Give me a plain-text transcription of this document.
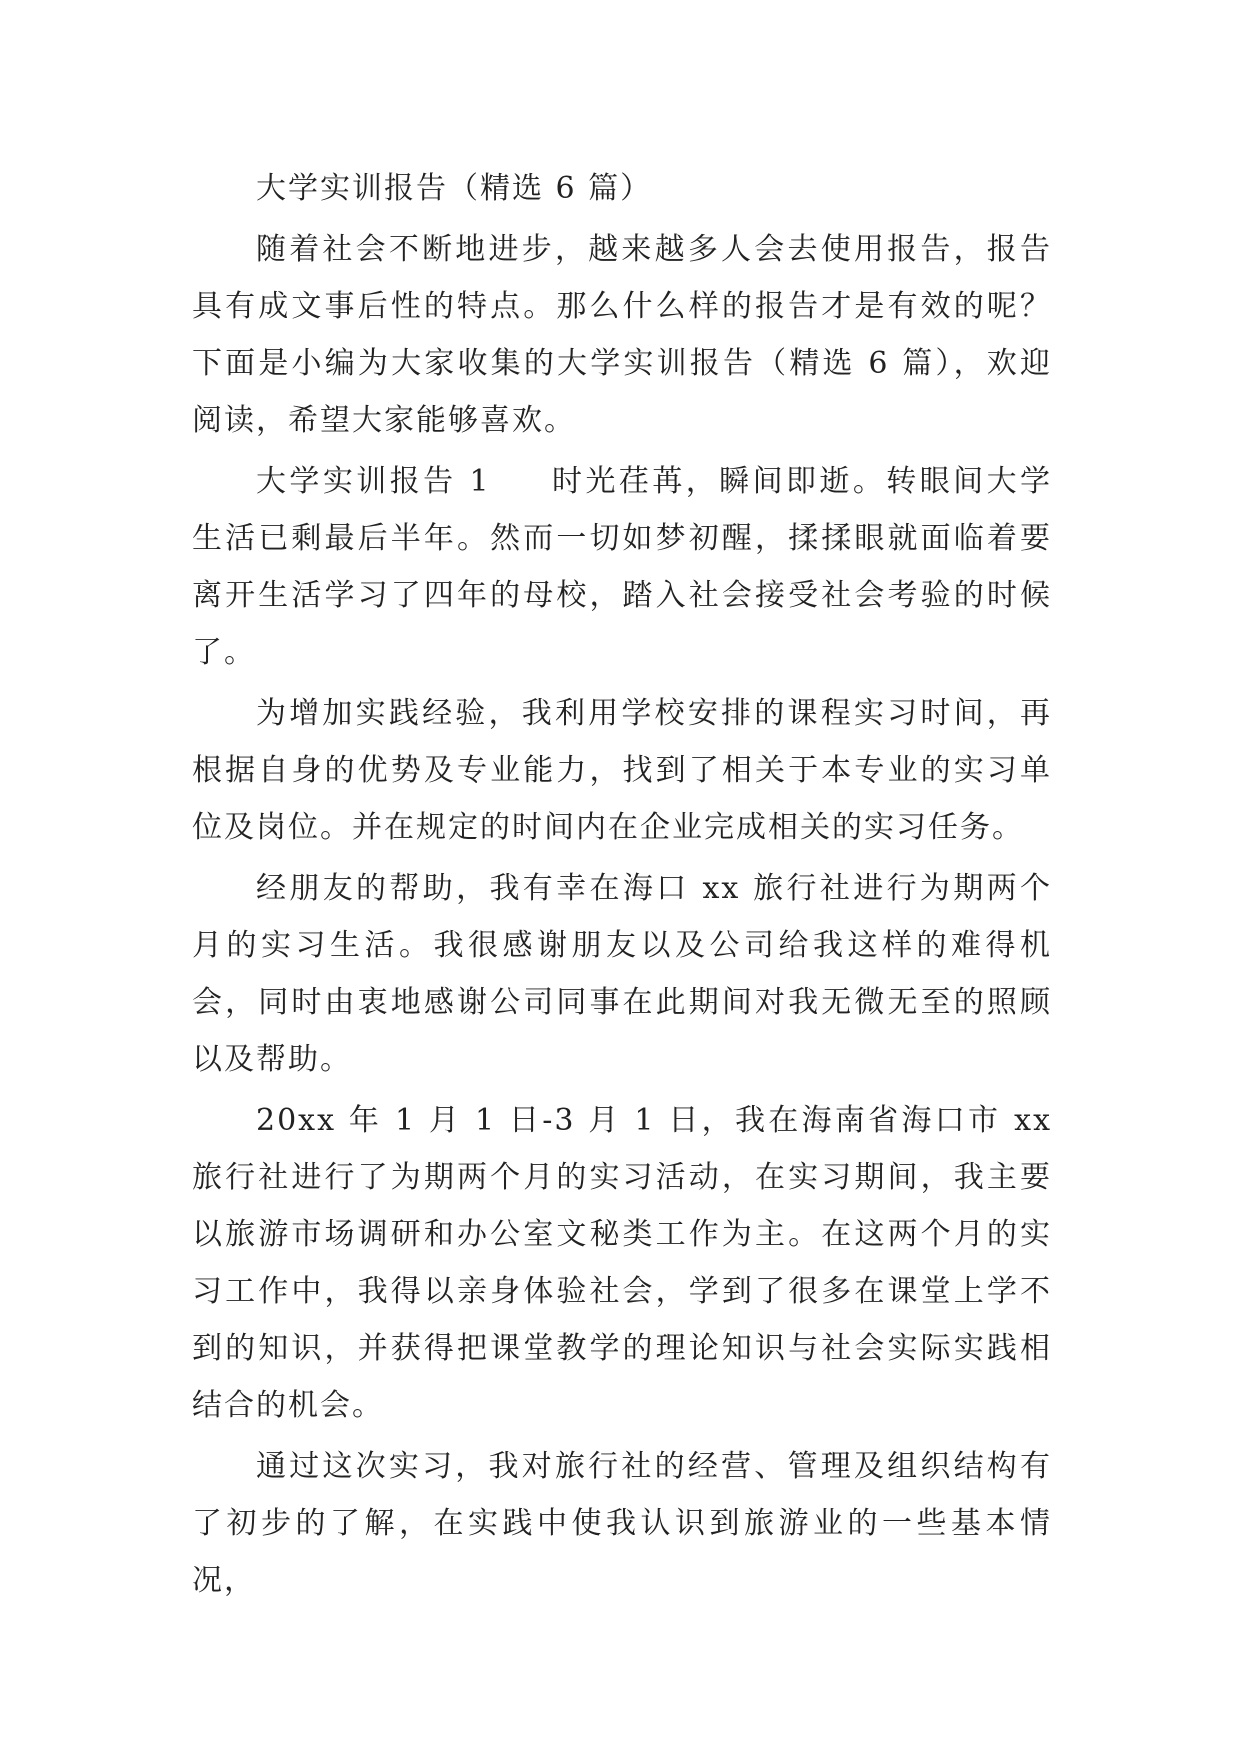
大学实训报告（精选 6 篇）

随着社会不断地进步，越来越多人会去使用报告，报告具有成文事后性的特点。那么什么样的报告才是有效的呢？下面是小编为大家收集的大学实训报告（精选 6 篇），欢迎阅读，希望大家能够喜欢。

大学实训报告 1 时光荏苒，瞬间即逝。转眼间大学生活已剩最后半年。然而一切如梦初醒，揉揉眼就面临着要离开生活学习了四年的母校，踏入社会接受社会考验的时候了。

为增加实践经验，我利用学校安排的课程实习时间，再根据自身的优势及专业能力，找到了相关于本专业的实习单位及岗位。并在规定的时间内在企业完成相关的实习任务。

经朋友的帮助，我有幸在海口 xx 旅行社进行为期两个月的实习生活。我很感谢朋友以及公司给我这样的难得机会，同时由衷地感谢公司同事在此期间对我无微无至的照顾以及帮助。

20xx 年 1 月 1 日-3 月 1 日，我在海南省海口市 xx 旅行社进行了为期两个月的实习活动，在实习期间，我主要以旅游市场调研和办公室文秘类工作为主。在这两个月的实习工作中，我得以亲身体验社会，学到了很多在课堂上学不到的知识，并获得把课堂教学的理论知识与社会实际实践相结合的机会。

通过这次实习，我对旅行社的经营、管理及组织结构有了初步的了解，在实践中使我认识到旅游业的一些基本情况，
